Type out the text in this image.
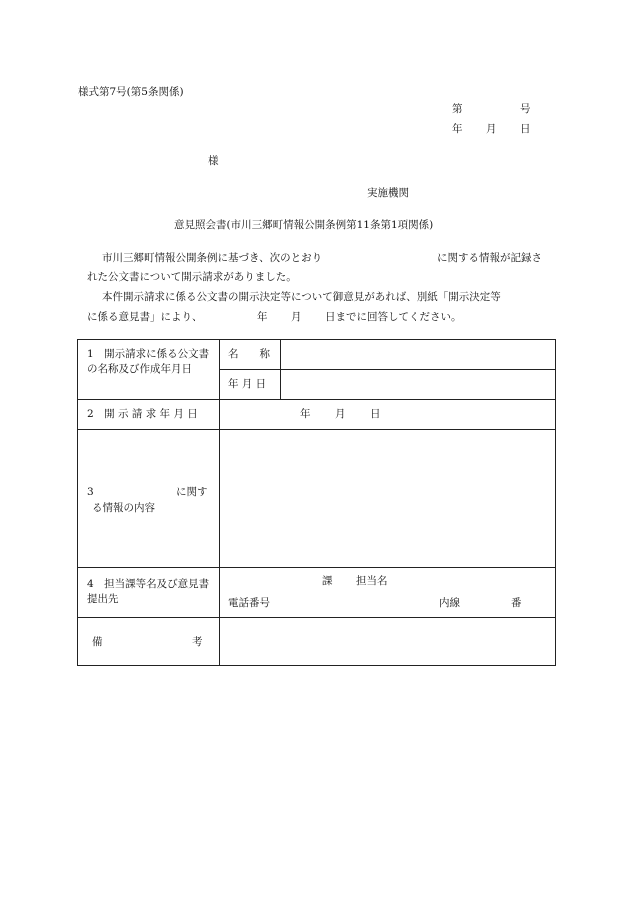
様式第7号(第5条関係)
第	号
年 月 日
様
実施機関
意見照会書(市川三郷町情報公開条例第11条第1項関係)
市川三郷町情報公開条例に基づき、次のとおり	に関する情報が記録さ
れた公文書について開示請求がありました。
本件開示請求に係る公文書の開示決定等について御意見があれば、別紙「開示決定等
に係る意見書」により、	年 月 日までに回答してください。
1　開示請求に係る公文書の名称及び作成年月日	名　　称	

	年 月 日	

2　開 示 請 求 年 月 日	年 月 日	

3 に関す
る情報の内容		

4　担当課等名及び意見書提出先	課 担当名
電話番号 内線 番	

備 考		
